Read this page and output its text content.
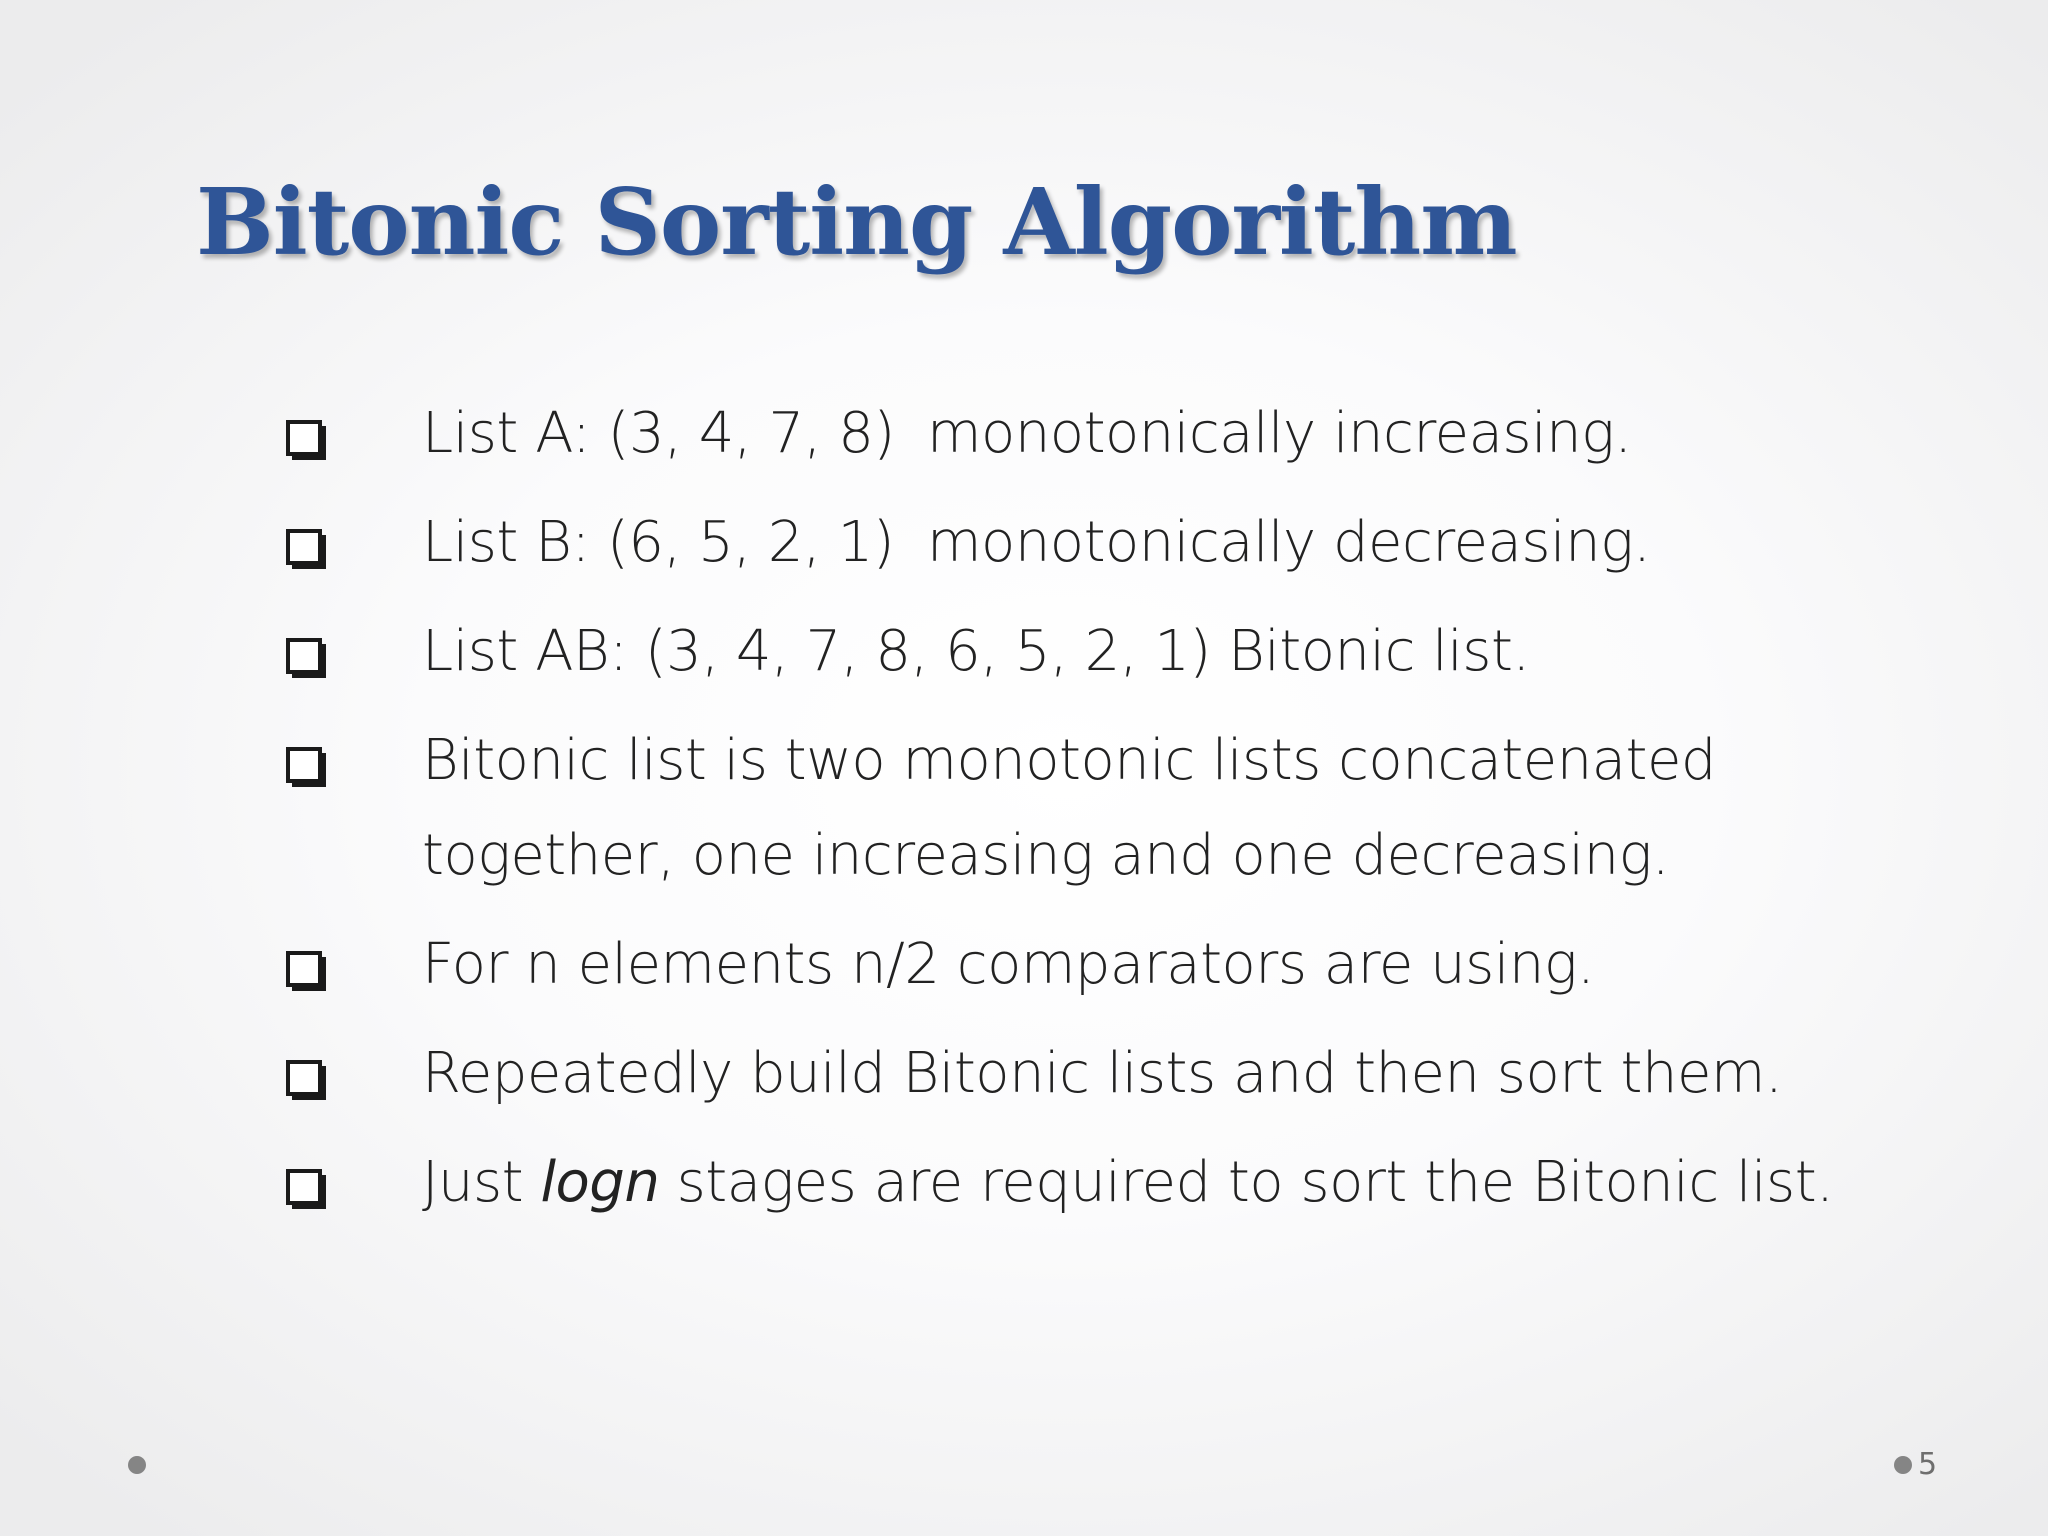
Bitonic Sorting Algorithm
List A: (3, 4, 7, 8) monotonically increasing.
List B: (6, 5, 2, 1) monotonically decreasing.
List AB: (3, 4, 7, 8, 6, 5, 2, 1) Bitonic list.
Bitonic list is two monotonic lists concatenated
together, one increasing and one decreasing.
For n elements n/2 comparators are using.
Repeatedly build Bitonic lists and then sort them.
Just logn stages are required to sort the Bitonic list.
5
